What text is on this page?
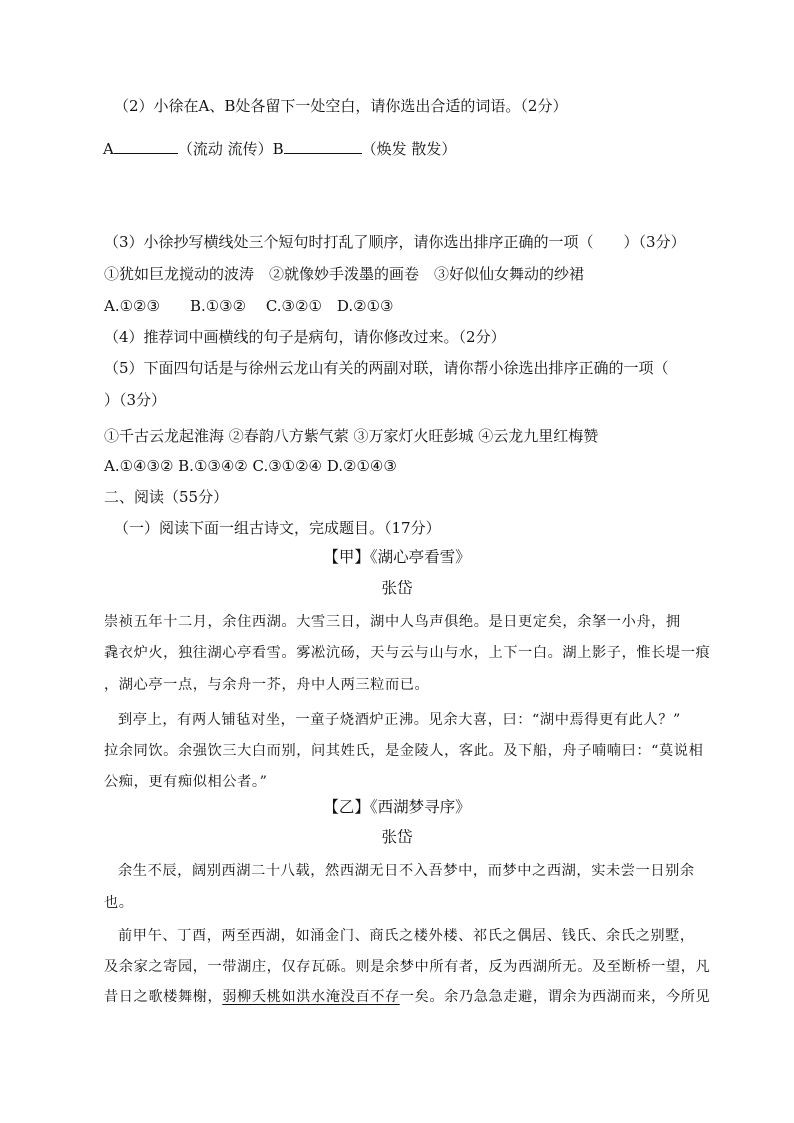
（2）小徐在A、B处各留下一处空白，请你选出合适的词语。（2分）
A	（流动 流传）B	（焕发 散发）
（3）小徐抄写横线处三个短句时打乱了顺序，请你选出排序正确的一项（　　）（3分）
①犹如巨龙搅动的波涛　②就像妙手泼墨的画卷　③好似仙女舞动的纱裙
A.①②③　　B.①③②　 C.③②①　D.②①③
（4）推荐词中画横线的句子是病句，请你修改过来。（2分）
（5）下面四句话是与徐州云龙山有关的两副对联，请你帮小徐选出排序正确的一项（
）（3分）
①千古云龙起淮海 ②春韵八方紫气萦 ③万家灯火旺彭城 ④云龙九里红梅赞
A.①④③② B.①③④② C.③①②④ D.②①④③
二、阅读（55分）
（一）阅读下面一组古诗文，完成题目。（17分）
【甲】《湖心亭看雪》
张岱
崇祯五年十二月，余住西湖。大雪三日，湖中人鸟声俱绝。是日更定矣，余拏一小舟，拥
毳衣炉火，独往湖心亭看雪。雾凇沆砀，天与云与山与水，上下一白。湖上影子，惟长堤一痕
，湖心亭一点，与余舟一芥，舟中人两三粒而已。
到亭上，有两人铺毡对坐，一童子烧酒炉正沸。见余大喜，曰：“湖中焉得更有此人？”
拉余同饮。余强饮三大白而别，问其姓氏，是金陵人，客此。及下船，舟子喃喃曰：“莫说相
公痴，更有痴似相公者。”
【乙】《西湖梦寻序》
张岱
余生不辰，阔别西湖二十八载，然西湖无日不入吾梦中，而梦中之西湖，实未尝一日别余
也。
前甲午、丁酉，两至西湖，如涌金门、商氏之楼外楼、祁氏之偶居、钱氏、余氏之别墅，
及余家之寄园，一带湖庄，仅存瓦砾。则是余梦中所有者，反为西湖所无。及至断桥一望，凡
昔日之歌楼舞榭，弱柳夭桃如洪水淹没百不存一矣。余乃急急走避，谓余为西湖而来，今所见
